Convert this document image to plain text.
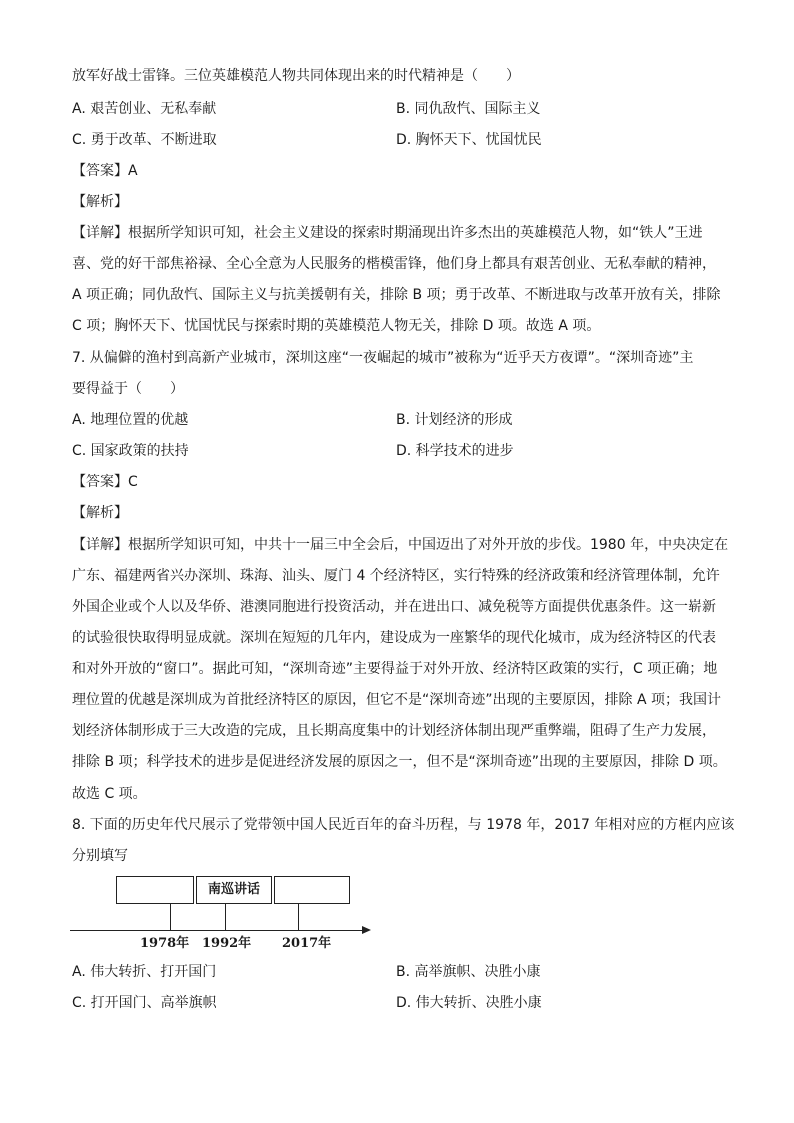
放军好战士雷锋。三位英雄模范人物共同体现出来的时代精神是（　　）
A. 艰苦创业、无私奉献	B. 同仇敌忾、国际主义
C. 勇于改革、不断进取	D. 胸怀天下、忧国忧民
【答案】A
【解析】
【详解】根据所学知识可知，社会主义建设的探索时期涌现出许多杰出的英雄模范人物，如“铁人”王进
喜、党的好干部焦裕禄、全心全意为人民服务的楷模雷锋，他们身上都具有艰苦创业、无私奉献的精神，
A 项正确；同仇敌忾、国际主义与抗美援朝有关，排除 B 项；勇于改革、不断进取与改革开放有关，排除
C 项；胸怀天下、忧国忧民与探索时期的英雄模范人物无关，排除 D 项。故选 A 项。
7. 从偏僻的渔村到高新产业城市，深圳这座“一夜崛起的城市”被称为“近乎天方夜谭”。“深圳奇迹”主
要得益于（　　）
A. 地理位置的优越	B. 计划经济的形成
C. 国家政策的扶持	D. 科学技术的进步
【答案】C
【解析】
【详解】根据所学知识可知，中共十一届三中全会后，中国迈出了对外开放的步伐。1980 年，中央决定在
广东、福建两省兴办深圳、珠海、汕头、厦门 4 个经济特区，实行特殊的经济政策和经济管理体制，允许
外国企业或个人以及华侨、港澳同胞进行投资活动，并在进出口、减免税等方面提供优惠条件。这一崭新
的试验很快取得明显成就。深圳在短短的几年内，建设成为一座繁华的现代化城市，成为经济特区的代表
和对外开放的“窗口”。据此可知，“深圳奇迹”主要得益于对外开放、经济特区政策的实行，C 项正确；地
理位置的优越是深圳成为首批经济特区的原因，但它不是“深圳奇迹”出现的主要原因，排除 A 项；我国计
划经济体制形成于三大改造的完成，且长期高度集中的计划经济体制出现严重弊端，阻碍了生产力发展，
排除 B 项；科学技术的进步是促进经济发展的原因之一，但不是“深圳奇迹”出现的主要原因，排除 D 项。
故选 C 项。
8. 下面的历史年代尺展示了党带领中国人民近百年的奋斗历程，与 1978 年，2017 年相对应的方框内应该
分别填写
南巡讲话
1978年 1992年 2017年
A. 伟大转折、打开国门	B. 高举旗帜、决胜小康
C. 打开国门、高举旗帜	D. 伟大转折、决胜小康
